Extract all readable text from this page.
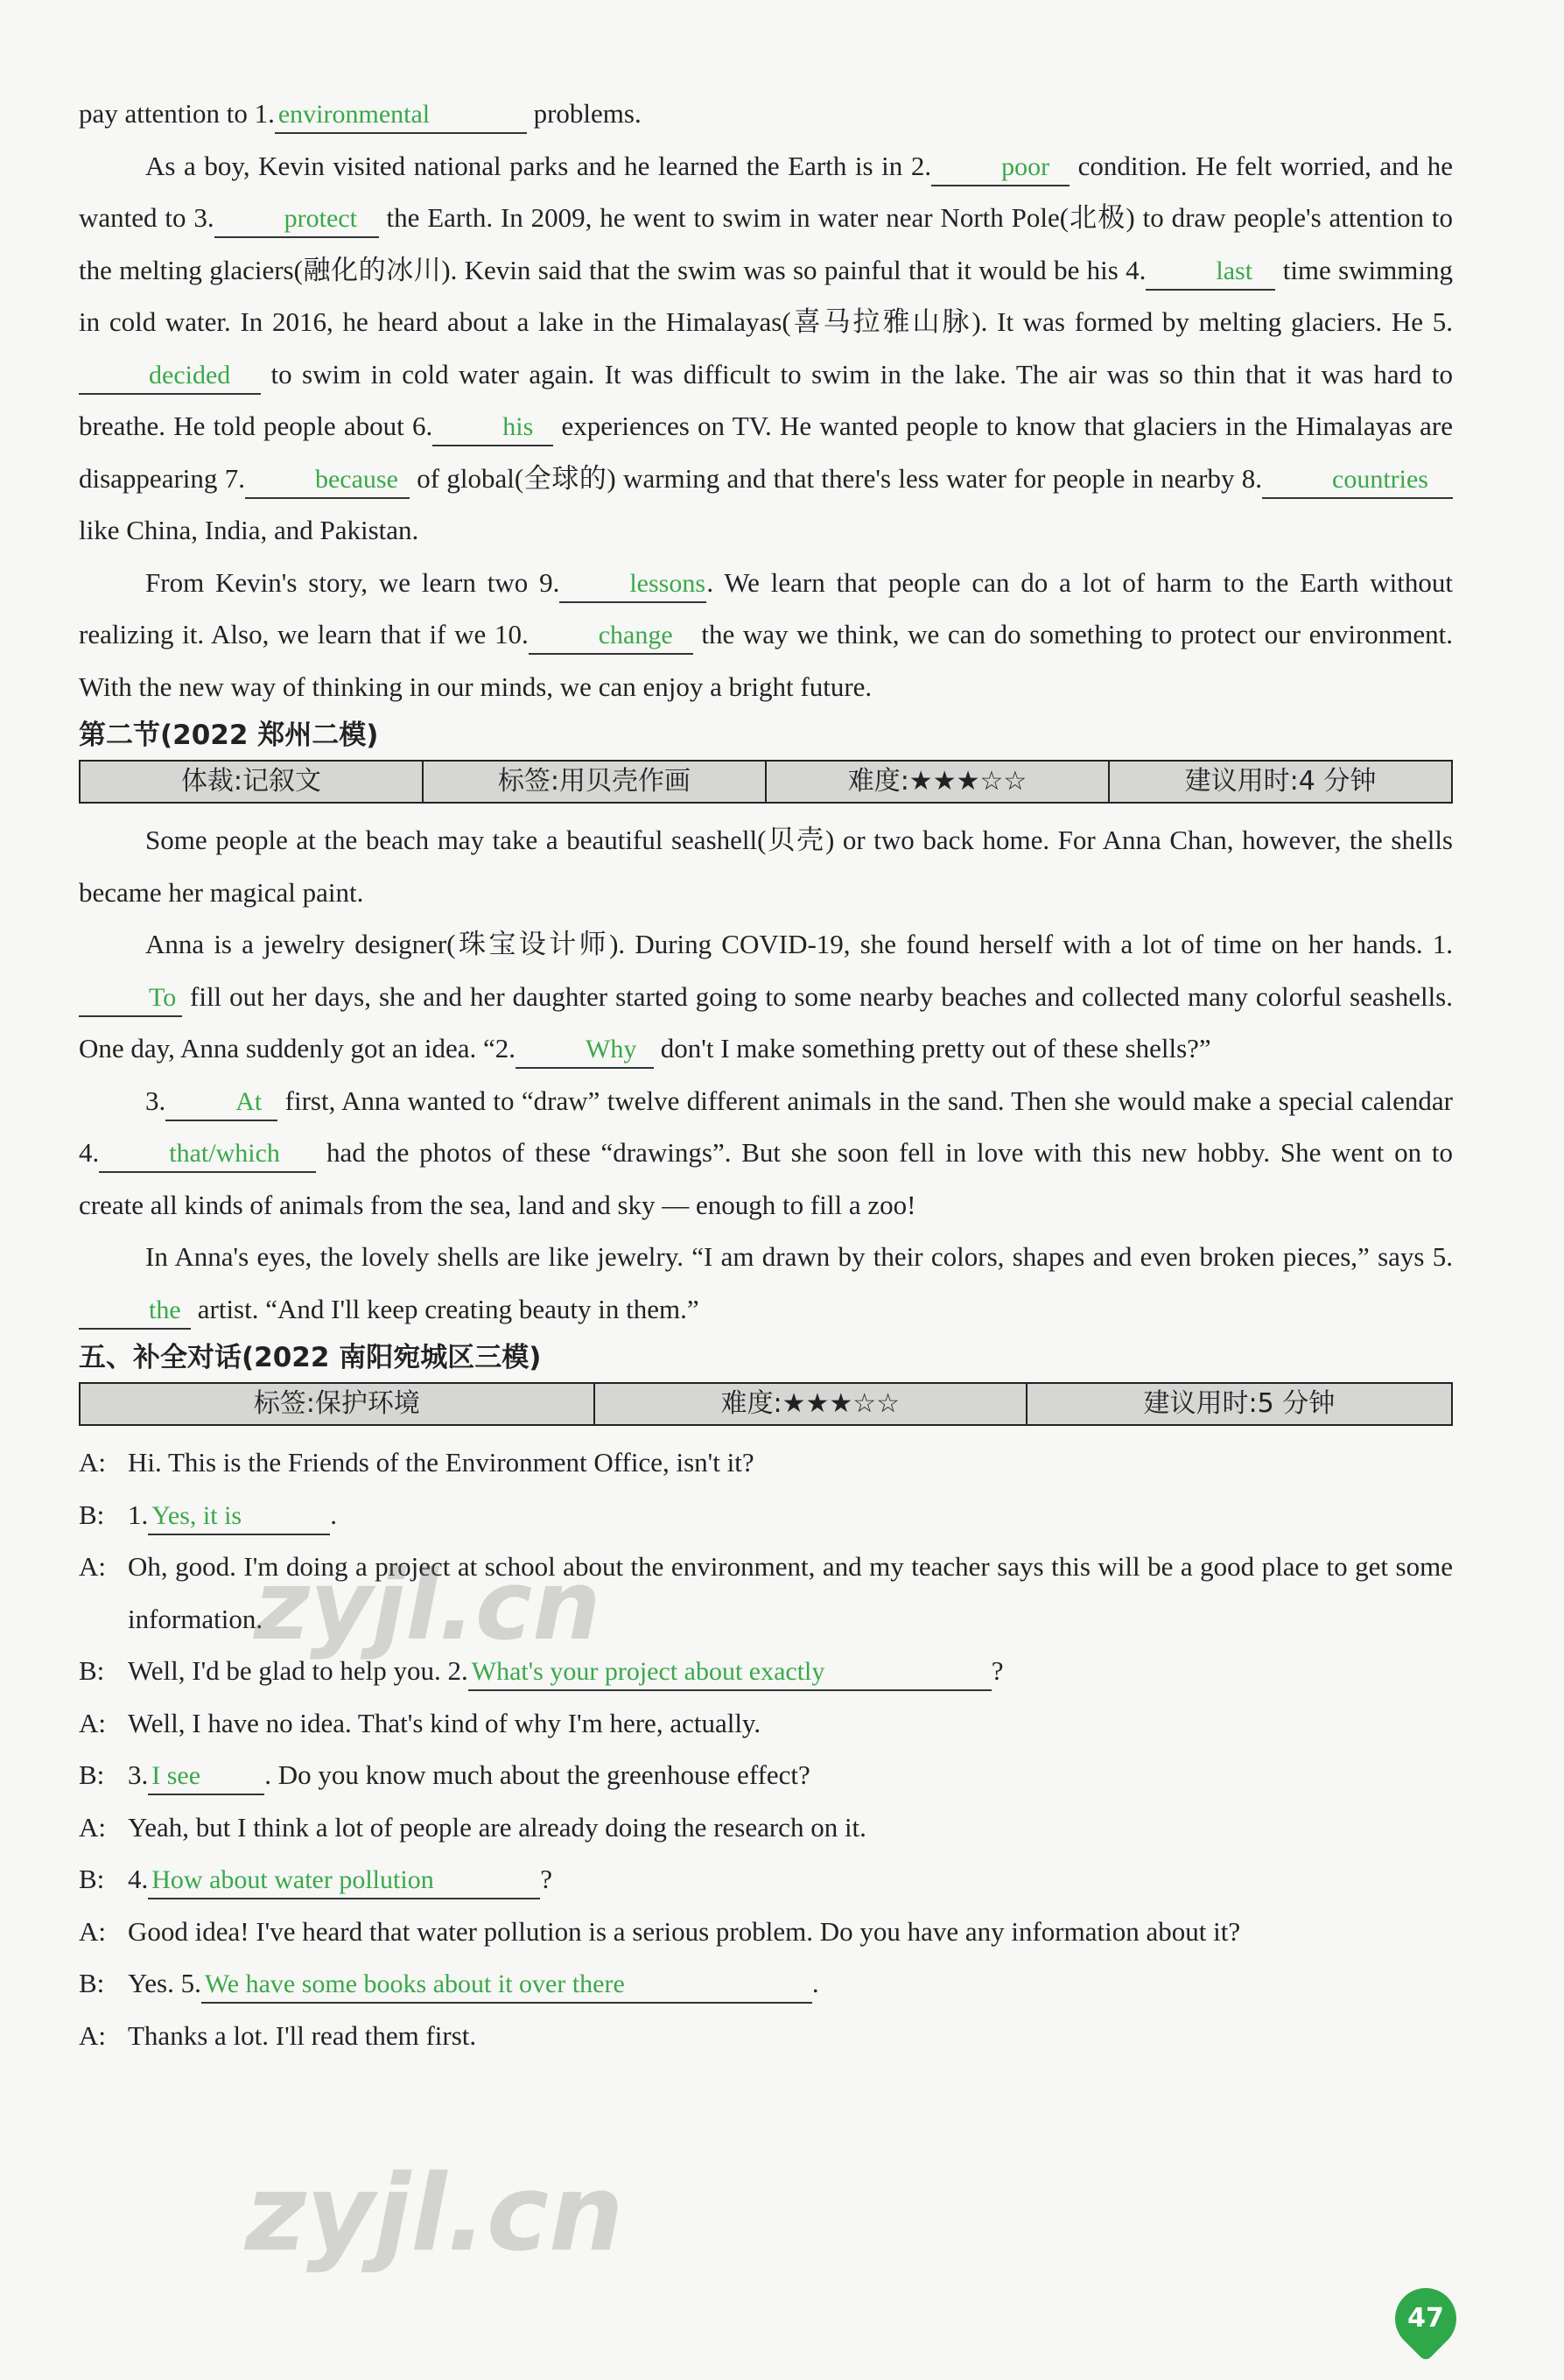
pay attention to 1. environmental	problems.

As a boy, Kevin visited national parks and he learned the Earth is in 2.	poor condition. He felt worried, and he wanted to 3.	protect the Earth. In 2009, he went to swim in water near North Pole(北极) to draw people's attention to the melting glaciers(融化的冰川). Kevin said that the swim was so painful that it would be his 4.	last time swimming in cold water. In 2016, he heard about a lake in the Himalayas(喜马拉雅山脉). It was formed by melting glaciers. He 5.decided to swim in cold water again. It was difficult to swim in the lake. The air was so thin that it was hard to breathe. He told people about 6.	his experiences on TV. He wanted people to know that glaciers in the Himalayas are disappearing 7.	because of global(全球的) warming and that there's less water for people in nearby 8.	countries like China, India, and Pakistan.

From Kevin's story, we learn two 9.	lessons. We learn that people can do a lot of harm to the Earth without realizing it. Also, we learn that if we 10.	change the way we think, we can do something to protect our environment. With the new way of thinking in our minds, we can enjoy a bright future.

第二节(2022 郑州二模)
体裁:记叙文	标签:用贝壳作画	难度:★★★☆☆	建议用时:4 分钟

Some people at the beach may take a beautiful seashell(贝壳) or two back home. For Anna Chan, however, the shells became her magical paint.

Anna is a jewelry designer(珠宝设计师). During COVID-19, she found herself with a lot of time on her hands. 1.To fill out her days, she and her daughter started going to some nearby beaches and collected many colorful seashells. One day, Anna suddenly got an idea. “2.	Why don't I make something pretty out of these shells?”

3.	At first, Anna wanted to “draw” twelve different animals in the sand. Then she would make a special calendar 4.	that/which had the photos of these “drawings”. But she soon fell in love with this new hobby. She went on to create all kinds of animals from the sea, land and sky — enough to fill a zoo!

In Anna's eyes, the lovely shells are like jewelry. “I am drawn by their colors, shapes and even broken pieces,” says 5.the artist. “And I'll keep creating beauty in them.”

五、补全对话(2022 南阳宛城区三模)
标签:保护环境	难度:★★★☆☆	建议用时:5 分钟
A: Hi. This is the Friends of the Environment Office, isn't it?
B: 1. Yes, it is	.
A: Oh, good. I'm doing a project at school about the environment, and my teacher says this will be a good place to get some information.
B: Well, I'd be glad to help you. 2. What's your project about exactly	?
A: Well, I have no idea. That's kind of why I'm here, actually.
B: 3. I see . Do you know much about the greenhouse effect?
A: Yeah, but I think a lot of people are already doing the research on it.
B: 4. How about water pollution	?
A: Good idea! I've heard that water pollution is a serious problem. Do you have any information about it?
B: Yes. 5. We have some books about it over there	.
A: Thanks a lot. I'll read them first.
zyjl.cn
zyjl.cn
47
